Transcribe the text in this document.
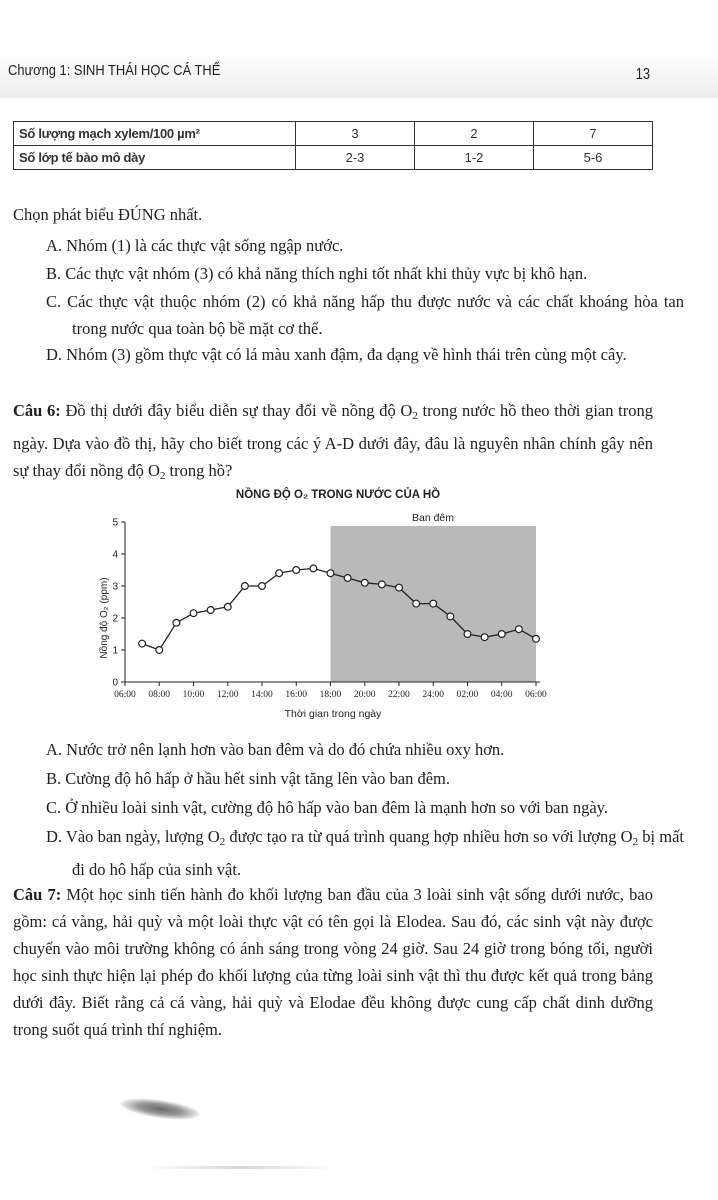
Chương 1: SINH THÁI HỌC CÁ THỂ	13
Số lượng mạch xylem/100 µm²	3	2	7
Số lớp tế bào mô dày	2-3	1-2	5-6
Chọn phát biểu ĐÚNG nhất.
A. Nhóm (1) là các thực vật sống ngập nước.
B. Các thực vật nhóm (3) có khả năng thích nghi tốt nhất khi thủy vực bị khô hạn.
C. Các thực vật thuộc nhóm (2) có khả năng hấp thu được nước và các chất khoáng hòa tan trong nước qua toàn bộ bề mặt cơ thể.
D. Nhóm (3) gồm thực vật có lá màu xanh đậm, đa dạng về hình thái trên cùng một cây.
Câu 6: Đồ thị dưới đây biểu diễn sự thay đổi về nồng độ $O_2$ trong nước hồ theo thời gian trong ngày. Dựa vào đồ thị, hãy cho biết trong các ý A-D dưới đây, đâu là nguyên nhân chính gây nên sự thay đổi nồng độ $O_2$ trong hồ?
NỒNG ĐỘ O₂ TRONG NƯỚC CỦA HỒ
Ban đêm
0
1
2
3
4
5
06:00 08:00 10:00 12:00 14:00 16:00 18:00 20:00 22:00 24:00 02:00 04:00 06:00
Thời gian trong ngày
Nồng độ O₂ (ppm)
A. Nước trở nên lạnh hơn vào ban đêm và do đó chứa nhiều oxy hơn.
B. Cường độ hô hấp ở hầu hết sinh vật tăng lên vào ban đêm.
C. Ở nhiều loài sinh vật, cường độ hô hấp vào ban đêm là mạnh hơn so với ban ngày.
D. Vào ban ngày, lượng $O_2$ được tạo ra từ quá trình quang hợp nhiều hơn so với lượng $O_2$ bị mất đi do hô hấp của sinh vật.
Câu 7: Một học sinh tiến hành đo khối lượng ban đầu của 3 loài sinh vật sống dưới nước, bao gồm: cá vàng, hải quỳ và một loài thực vật có tên gọi là Elodea. Sau đó, các sinh vật này được chuyển vào môi trường không có ánh sáng trong vòng 24 giờ. Sau 24 giờ trong bóng tối, người học sinh thực hiện lại phép đo khối lượng của từng loài sinh vật thì thu được kết quả trong bảng dưới đây. Biết rằng cả cá vàng, hải quỳ và Elodae đều không được cung cấp chất dinh dưỡng trong suốt quá trình thí nghiệm.
